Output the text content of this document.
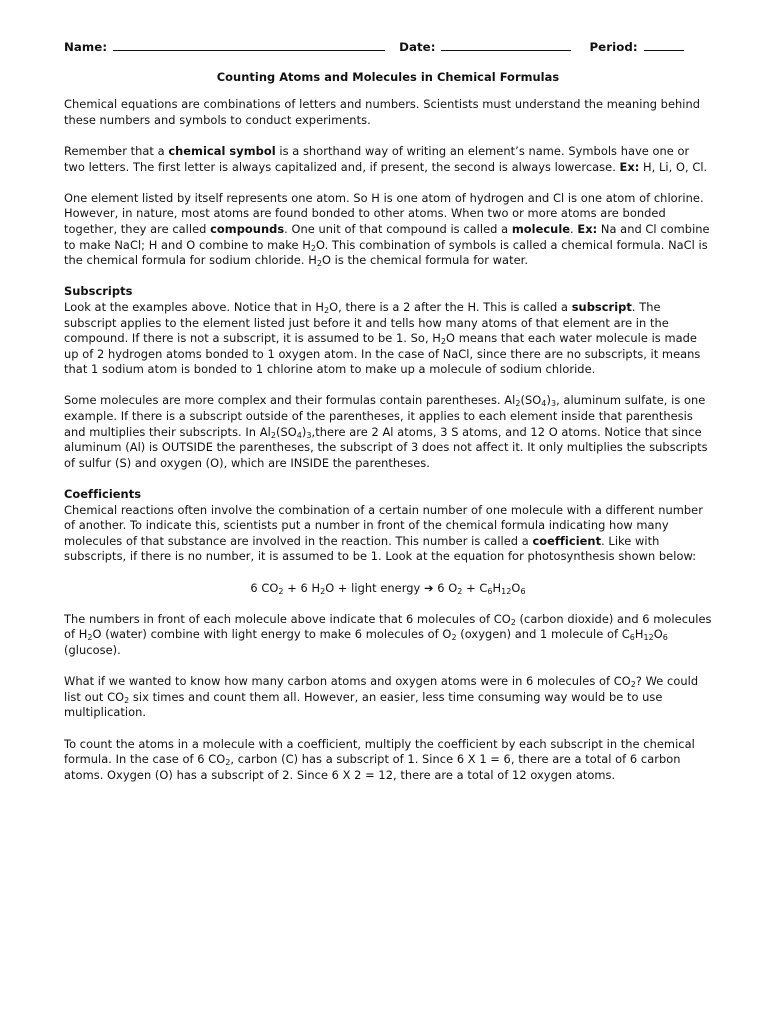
Name:	Date:	Period:
Counting Atoms and Molecules in Chemical Formulas

Chemical equations are combinations of letters and numbers. Scientists must understand the meaning behind these numbers and symbols to conduct experiments.

Remember that a chemical symbol is a shorthand way of writing an element’s name. Symbols have one or two letters. The first letter is always capitalized and, if present, the second is always lowercase. Ex: H, Li, O, Cl.

One element listed by itself represents one atom. So H is one atom of hydrogen and Cl is one atom of chlorine. However, in nature, most atoms are found bonded to other atoms. When two or more atoms are bonded together, they are called compounds. One unit of that compound is called a molecule. Ex: Na and Cl combine to make NaCl; H and O combine to make $H_2O$. This combination of symbols is called a chemical formula. NaCl is the chemical formula for sodium chloride. $H_2O$ is the chemical formula for water.

Subscripts

Look at the examples above. Notice that in $H_2O$, there is a 2 after the H. This is called a subscript. The subscript applies to the element listed just before it and tells how many atoms of that element are in the compound. If there is not a subscript, it is assumed to be 1. So, $H_2O$ means that each water molecule is made up of 2 hydrogen atoms bonded to 1 oxygen atom. In the case of NaCl, since there are no subscripts, it means that 1 sodium atom is bonded to 1 chlorine atom to make up a molecule of sodium chloride.

Some molecules are more complex and their formulas contain parentheses. $Al_2(SO_4)_3$, aluminum sulfate, is one example. If there is a subscript outside of the parentheses, it applies to each element inside that parenthesis and multiplies their subscripts. In $Al_2(SO_4)_3,there$ are 2 Al atoms, 3 S atoms, and 12 O atoms. Notice that since aluminum (Al) is OUTSIDE the parentheses, the subscript of 3 does not affect it. It only multiplies the subscripts of sulfur (S) and oxygen (O), which are INSIDE the parentheses.

Coefficients

Chemical reactions often involve the combination of a certain number of one molecule with a different number of another. To indicate this, scientists put a number in front of the chemical formula indicating how many molecules of that substance are involved in the reaction. This number is called a coefficient. Like with subscripts, if there is no number, it is assumed to be 1. Look at the equation for photosynthesis shown below:

6 $CO_2 + 6$ $H_2O$ + light energy ➔ 6 $O_2 + C_6H_{12}O_6$

The numbers in front of each molecule above indicate that 6 molecules of $CO_2$ (carbon dioxide) and 6 molecules of $H_2O$ (water) combine with light energy to make 6 molecules of $O_2$ (oxygen) and 1 molecule of $C_6H_{12}O_6$ (glucose).

What if we wanted to know how many carbon atoms and oxygen atoms were in 6 molecules of $CO_2$? We could list out $CO_2$ six times and count them all. However, an easier, less time consuming way would be to use multiplication.

To count the atoms in a molecule with a coefficient, multiply the coefficient by each subscript in the chemical formula. In the case of 6 $CO_2$, carbon (C) has a subscript of 1. Since 6 X 1 = 6, there are a total of 6 carbon atoms. Oxygen (O) has a subscript of 2. Since 6 X 2 = 12, there are a total of 12 oxygen atoms.
